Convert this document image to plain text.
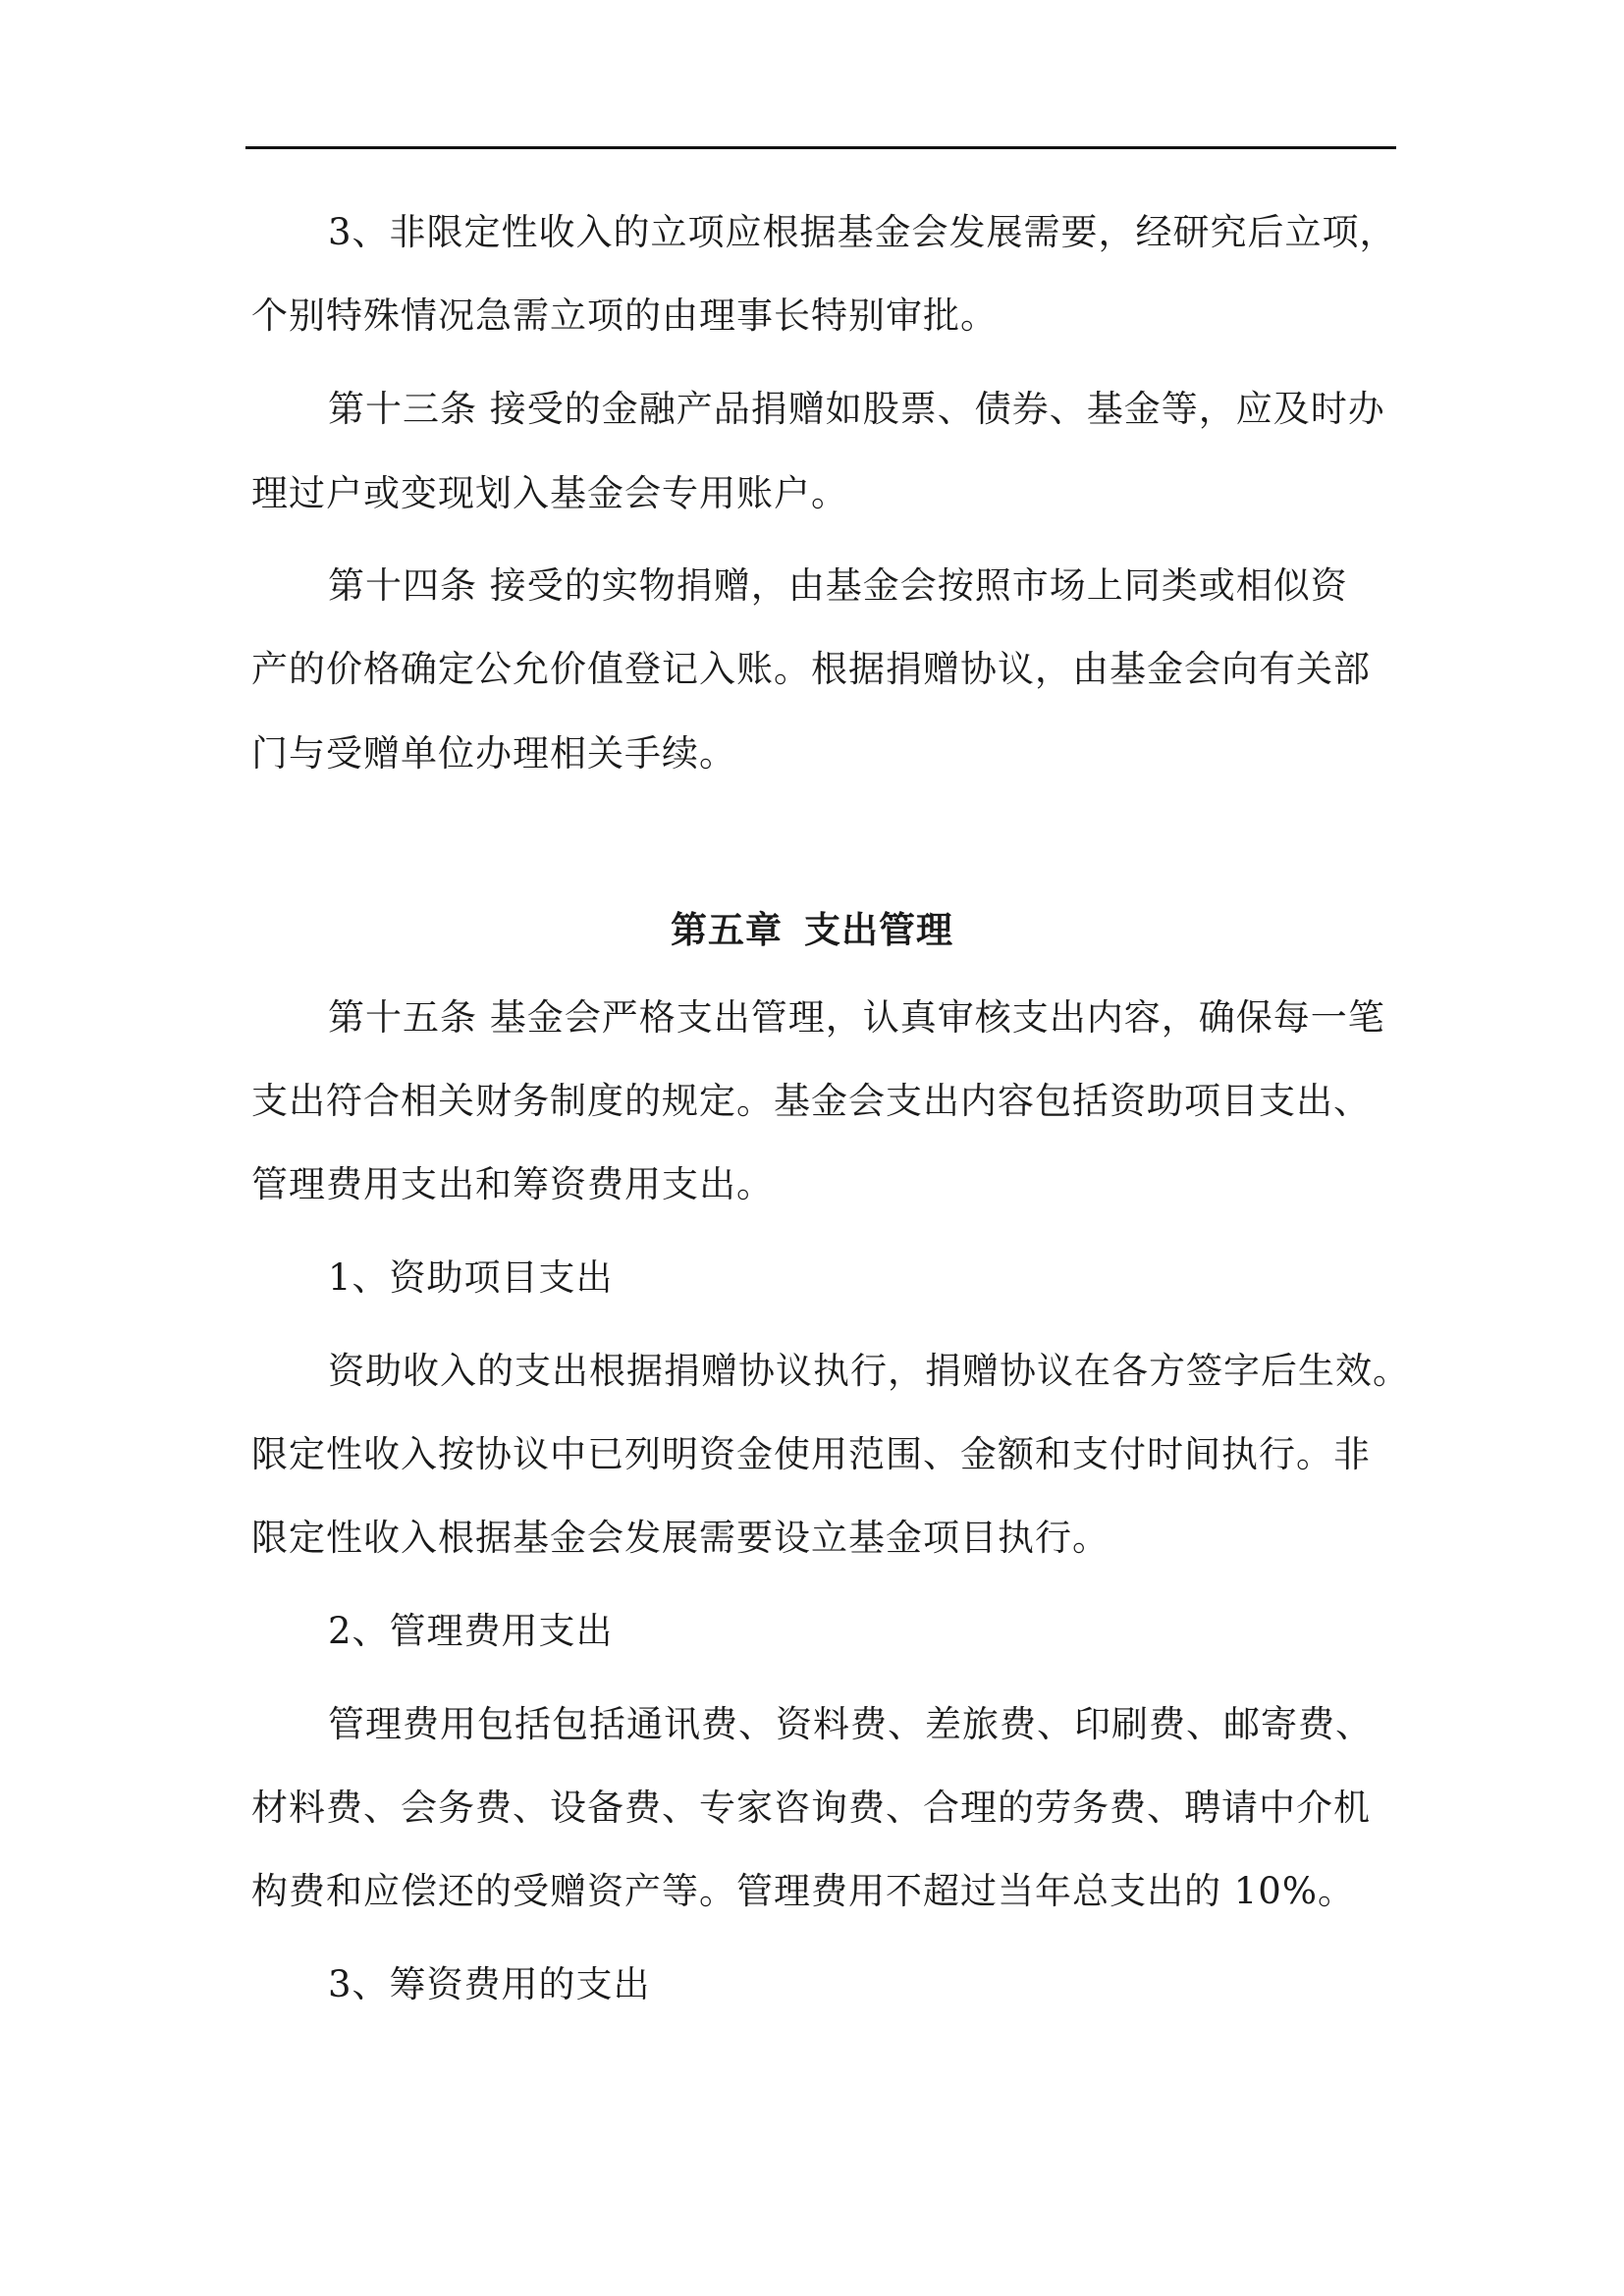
3、非限定性收入的立项应根据基金会发展需要，经研究后立项，
个别特殊情况急需立项的由理事长特别审批。
第十三条 接受的金融产品捐赠如股票、债券、基金等，应及时办
理过户或变现划入基金会专用账户。
第十四条 接受的实物捐赠，由基金会按照市场上同类或相似资
产的价格确定公允价值登记入账。根据捐赠协议，由基金会向有关部
门与受赠单位办理相关手续。
第五章 支出管理
第十五条 基金会严格支出管理，认真审核支出内容，确保每一笔
支出符合相关财务制度的规定。基金会支出内容包括资助项目支出、
管理费用支出和筹资费用支出。
1、资助项目支出
资助收入的支出根据捐赠协议执行，捐赠协议在各方签字后生效。
限定性收入按协议中已列明资金使用范围、金额和支付时间执行。非
限定性收入根据基金会发展需要设立基金项目执行。
2、管理费用支出
管理费用包括包括通讯费、资料费、差旅费、印刷费、邮寄费、
材料费、会务费、设备费、专家咨询费、合理的劳务费、聘请中介机
构费和应偿还的受赠资产等。管理费用不超过当年总支出的 10%。
3、筹资费用的支出
